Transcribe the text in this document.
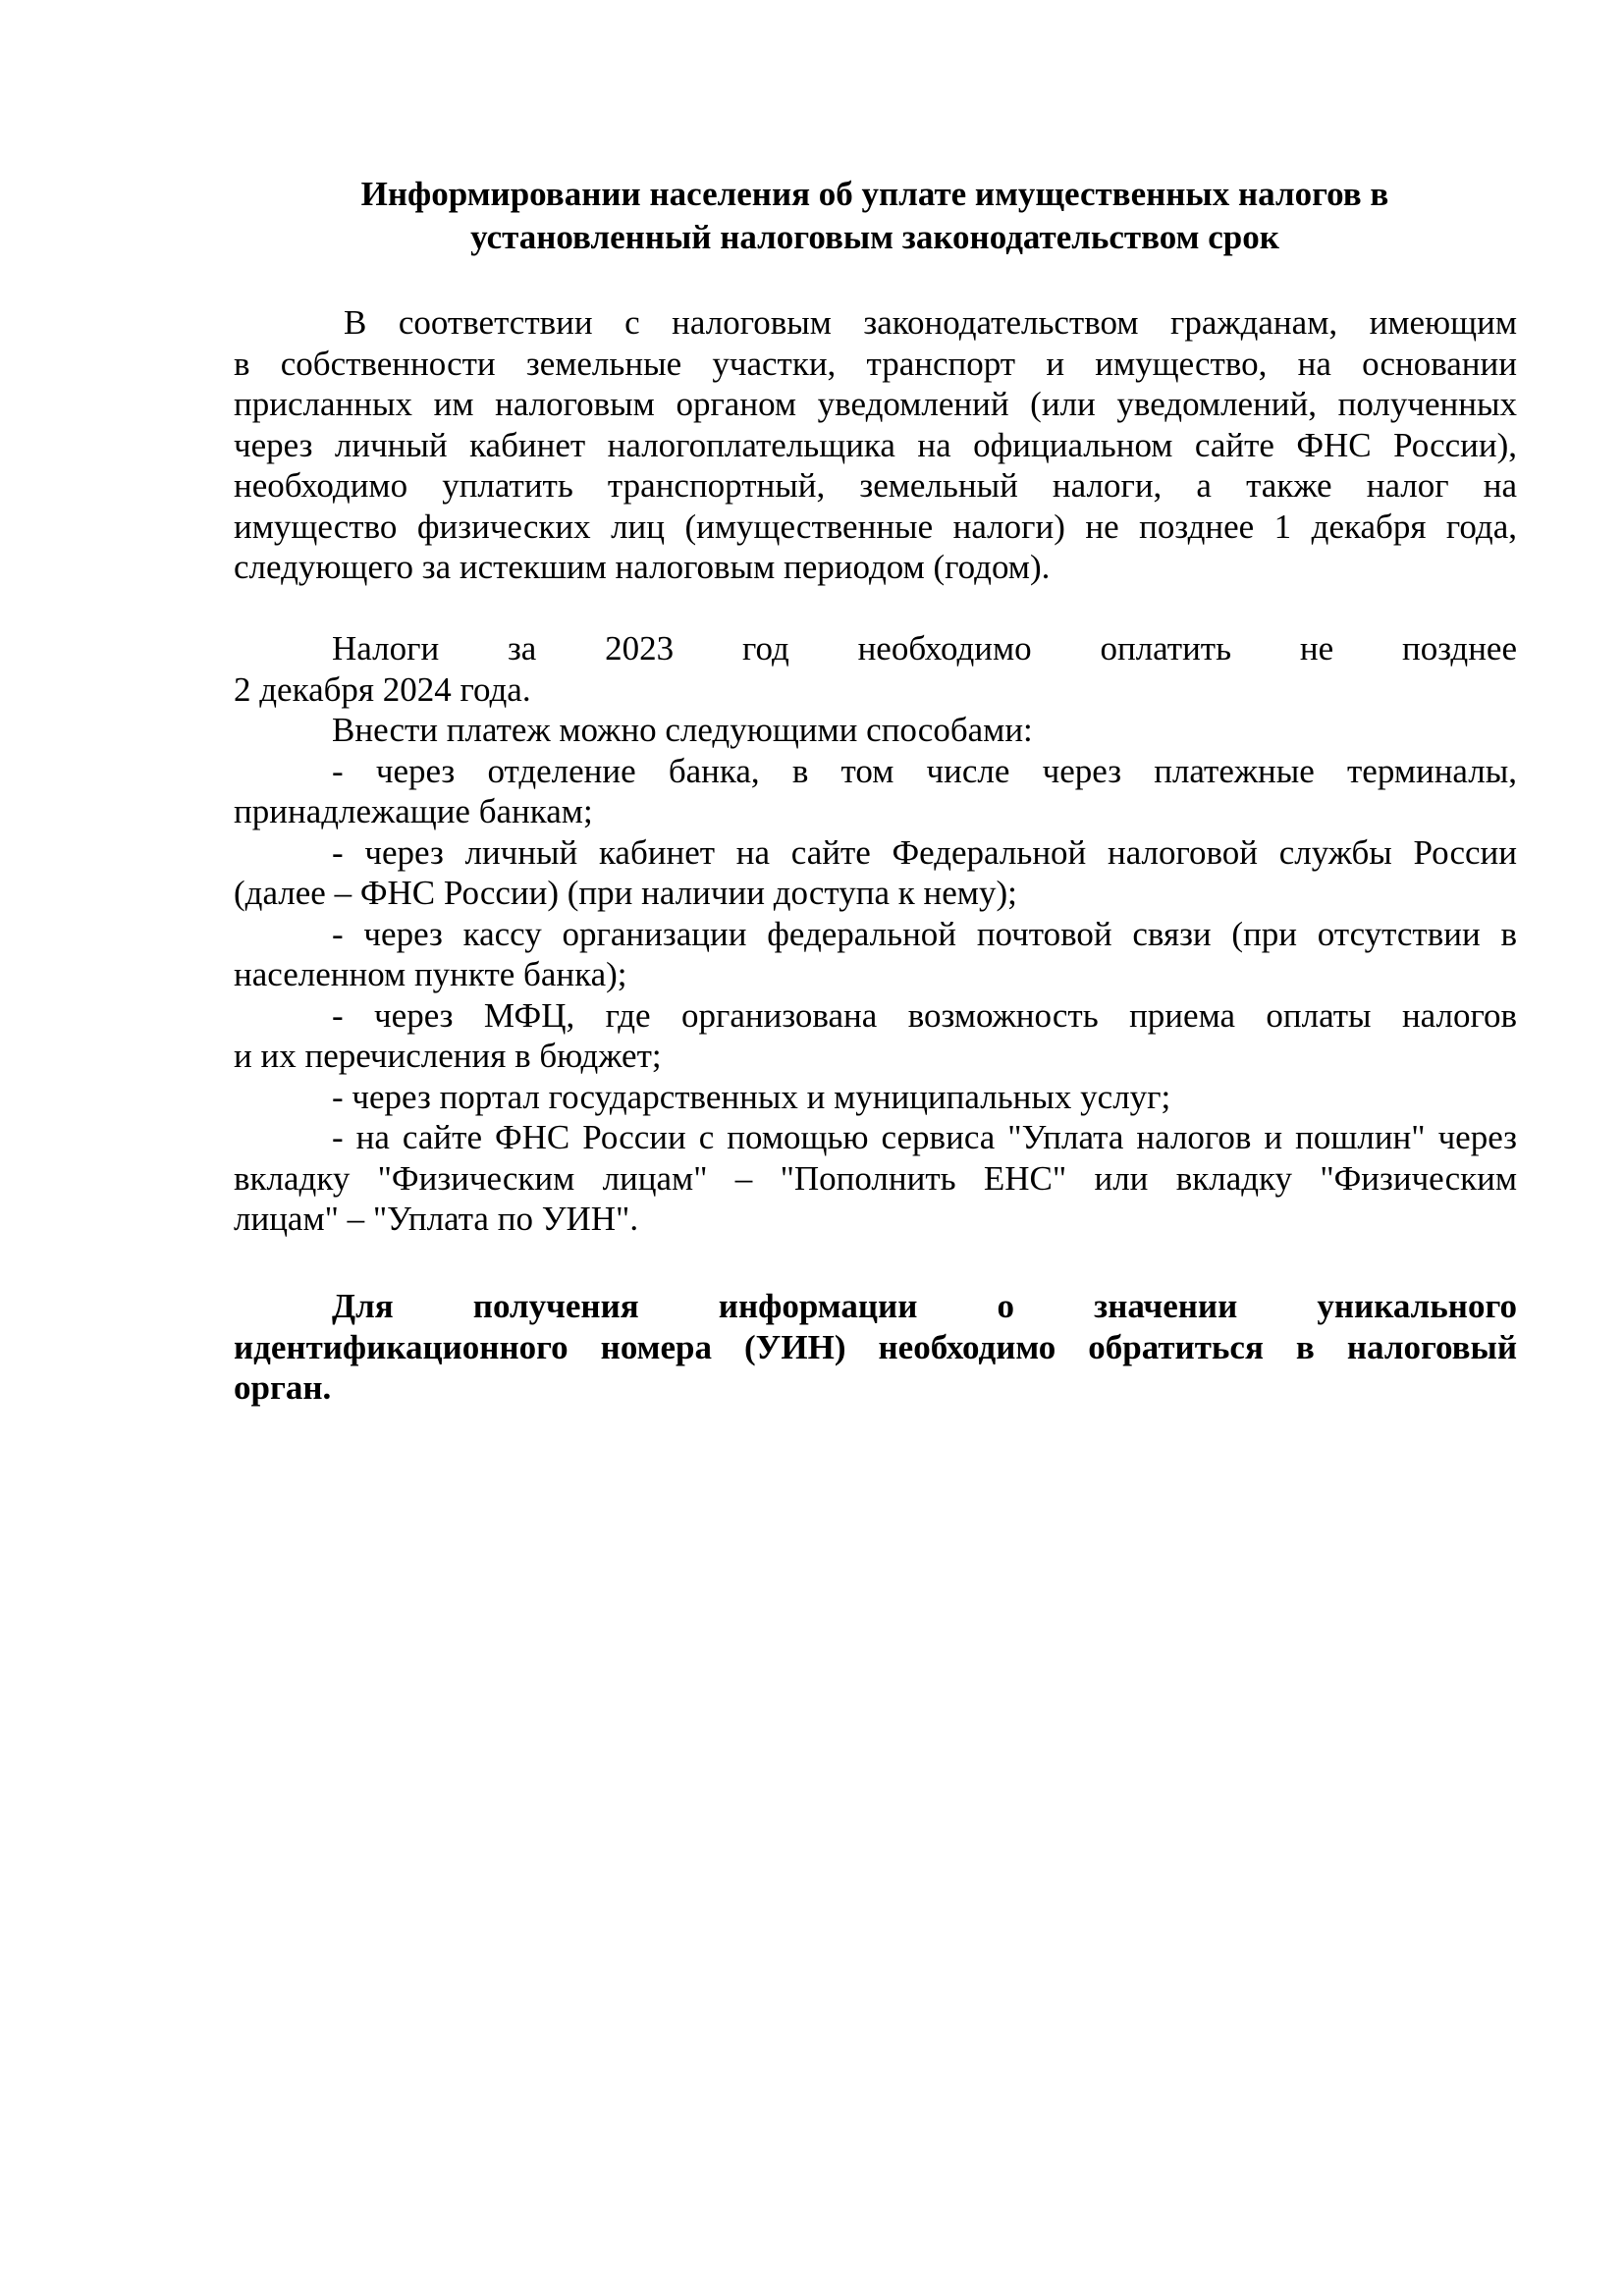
Информировании населения об уплате имущественных налогов в
установленный налоговым законодательством срок
В соответствии с налоговым законодательством гражданам, имеющим
в собственности земельные участки, транспорт и имущество, на основании
присланных им налоговым органом уведомлений (или уведомлений, полученных
через личный кабинет налогоплательщика на официальном сайте ФНС России),
необходимо уплатить транспортный, земельный налоги, а также налог на
имущество физических лиц (имущественные налоги) не позднее 1 декабря года,
следующего за истекшим налоговым периодом (годом).
Налоги за 2023 год необходимо оплатить не позднее
2 декабря 2024 года.
Внести платеж можно следующими способами:
- через отделение банка, в том числе через платежные терминалы,
принадлежащие банкам;
- через личный кабинет на сайте Федеральной налоговой службы России
(далее – ФНС России) (при наличии доступа к нему);
- через кассу организации федеральной почтовой связи (при отсутствии в
населенном пункте банка);
- через МФЦ, где организована возможность приема оплаты налогов
и их перечисления в бюджет;
- через портал государственных и муниципальных услуг;
- на сайте ФНС России с помощью сервиса "Уплата налогов и пошлин" через
вкладку "Физическим лицам" – "Пополнить ЕНС" или вкладку "Физическим
лицам" – "Уплата по УИН".
Для получения информации о значении уникального
идентификационного номера (УИН) необходимо обратиться в налоговый
орган.
